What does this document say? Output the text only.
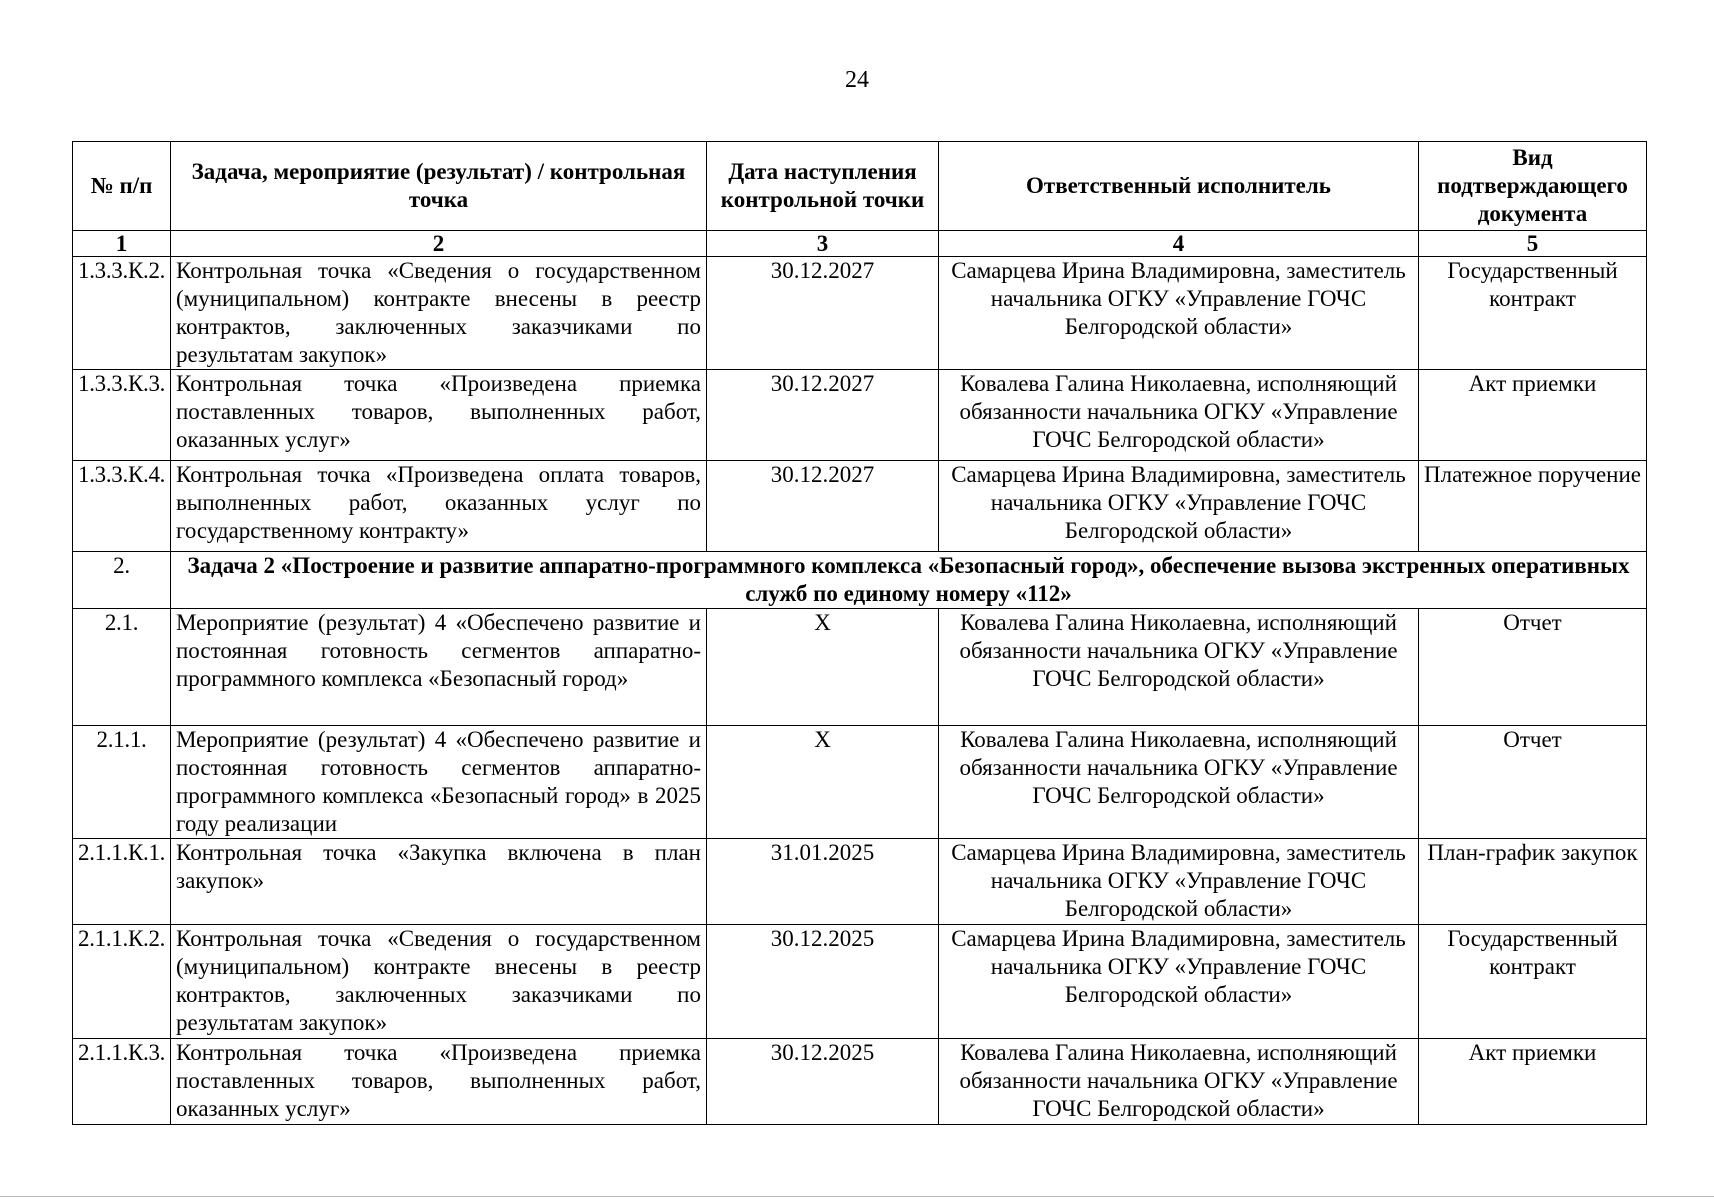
24
№ п/п	Задача, мероприятие (результат) / контрольная точка	Дата наступления контрольной точки	Ответственный исполнитель	Вид подтверждающего документа
1	2	3	4	5
1.3.3.К.2.	Контрольная точка «Сведения о государственном (муниципальном) контракте внесены в реестр контрактов, заключенных заказчиками по результатам закупок»	30.12.2027	Самарцева Ирина Владимировна, заместитель начальника ОГКУ «Управление ГОЧС Белгородской области»	Государственный контракт
1.3.3.К.3.	Контрольная точка «Произведена приемка поставленных товаров, выполненных работ, оказанных услуг»	30.12.2027	Ковалева Галина Николаевна, исполняющий обязанности начальника ОГКУ «Управление ГОЧС Белгородской области»	Акт приемки
1.3.3.К.4.	Контрольная точка «Произведена оплата товаров, выполненных работ, оказанных услуг по государственному контракту»	30.12.2027	Самарцева Ирина Владимировна, заместитель начальника ОГКУ «Управление ГОЧС Белгородской области»	Платежное поручение
2.	Задача 2 «Построение и развитие аппаратно-программного комплекса «Безопасный город», обеспечение вызова экстренных оперативных служб по единому номеру «112»			
2.1.	Мероприятие (результат) 4 «Обеспечено развитие и постоянная готовность сегментов аппаратно-программного комплекса «Безопасный город»	Х	Ковалева Галина Николаевна, исполняющий обязанности начальника ОГКУ «Управление ГОЧС Белгородской области»	Отчет
2.1.1.	Мероприятие (результат) 4 «Обеспечено развитие и постоянная готовность сегментов аппаратно-программного комплекса «Безопасный город» в 2025 году реализации	Х	Ковалева Галина Николаевна, исполняющий обязанности начальника ОГКУ «Управление ГОЧС Белгородской области»	Отчет
2.1.1.К.1.	Контрольная точка «Закупка включена в план закупок»	31.01.2025	Самарцева Ирина Владимировна, заместитель начальника ОГКУ «Управление ГОЧС Белгородской области»	План-график закупок
2.1.1.К.2.	Контрольная точка «Сведения о государственном (муниципальном) контракте внесены в реестр контрактов, заключенных заказчиками по результатам закупок»	30.12.2025	Самарцева Ирина Владимировна, заместитель начальника ОГКУ «Управление ГОЧС Белгородской области»	Государственный контракт
2.1.1.К.3.	Контрольная точка «Произведена приемка поставленных товаров, выполненных работ, оказанных услуг»	30.12.2025	Ковалева Галина Николаевна, исполняющий обязанности начальника ОГКУ «Управление ГОЧС Белгородской области»	Акт приемки
